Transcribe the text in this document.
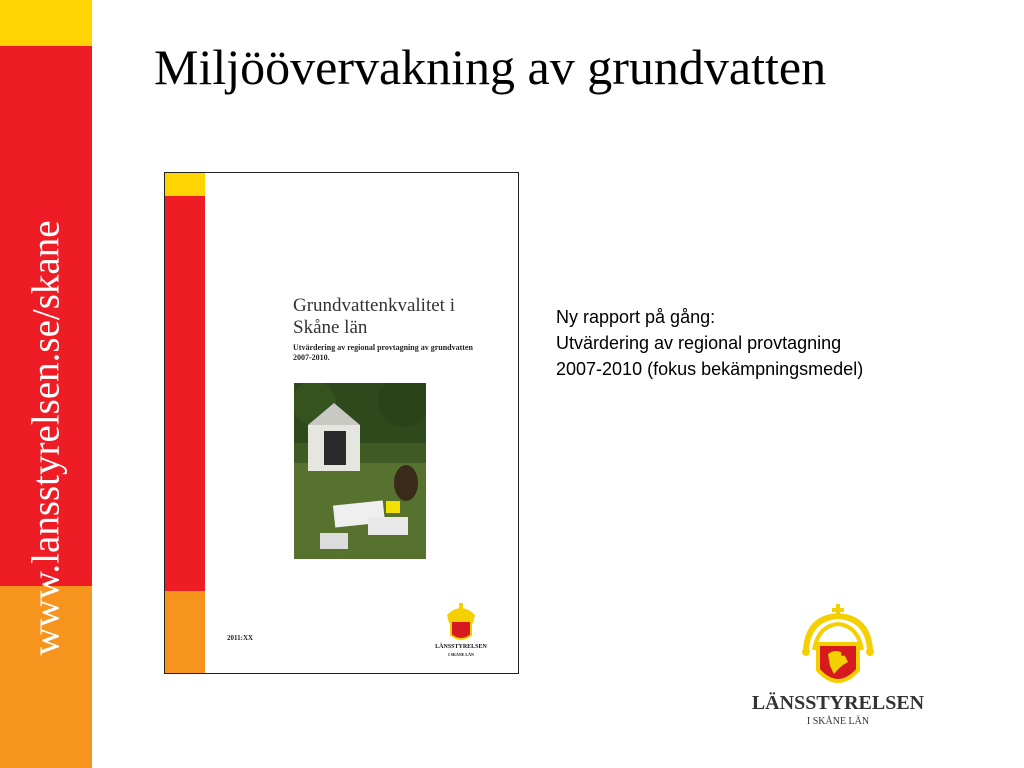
www.lansstyrelsen.se/skane
Miljöövervakning av grundvatten
Grundvattenkvalitet i
Skåne län
Utvärdering av regional provtagning av grundvatten
2007-2010.
2011:XX
LÄNSSTYRELSEN
I SKÅNE LÄN
Ny rapport på gång:
Utvärdering av regional provtagning
2007-2010 (fokus bekämpningsmedel)
LÄNSSTYRELSEN
I SKÅNE LÄN
